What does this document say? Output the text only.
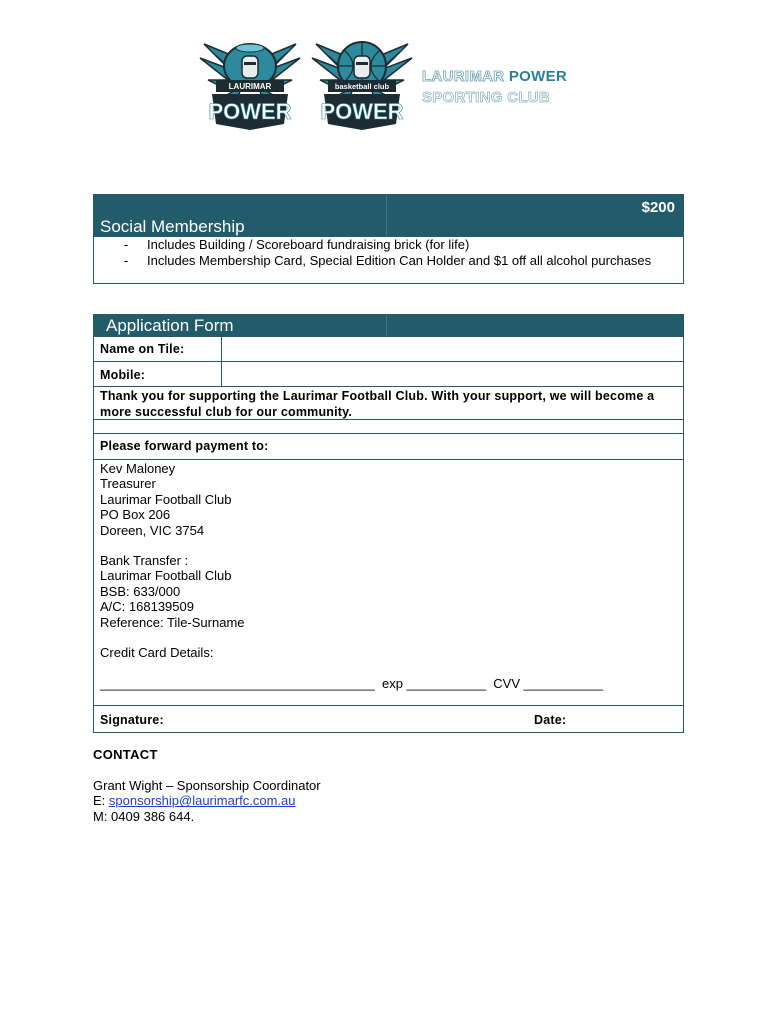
LAURIMAR
POWER
basketball club
POWER
LAURIMAR POWER
SPORTING CLUB
Social Membership
$200
- Includes Building / Scoreboard fundraising brick (for life)
- Includes Membership Card, Special Edition Can Holder and $1 off all alcohol purchases
Application Form
Name on Tile:
Mobile:
Thank you for supporting the Laurimar Football Club. With your support, we will become a more successful club for our community.
Please forward payment to:
Kev Maloney
Treasurer
Laurimar Football Club
PO Box 206
Doreen, VIC 3754
Bank Transfer :
Laurimar Football Club
BSB: 633/000
A/C: 168139509
Reference: Tile-Surname
Credit Card Details:
______________________________________  exp ___________  CVV ___________
Signature:	Date:
CONTACT
Grant Wight – Sponsorship Coordinator
E: sponsorship@laurimarfc.com.au
M: 0409 386 644.
